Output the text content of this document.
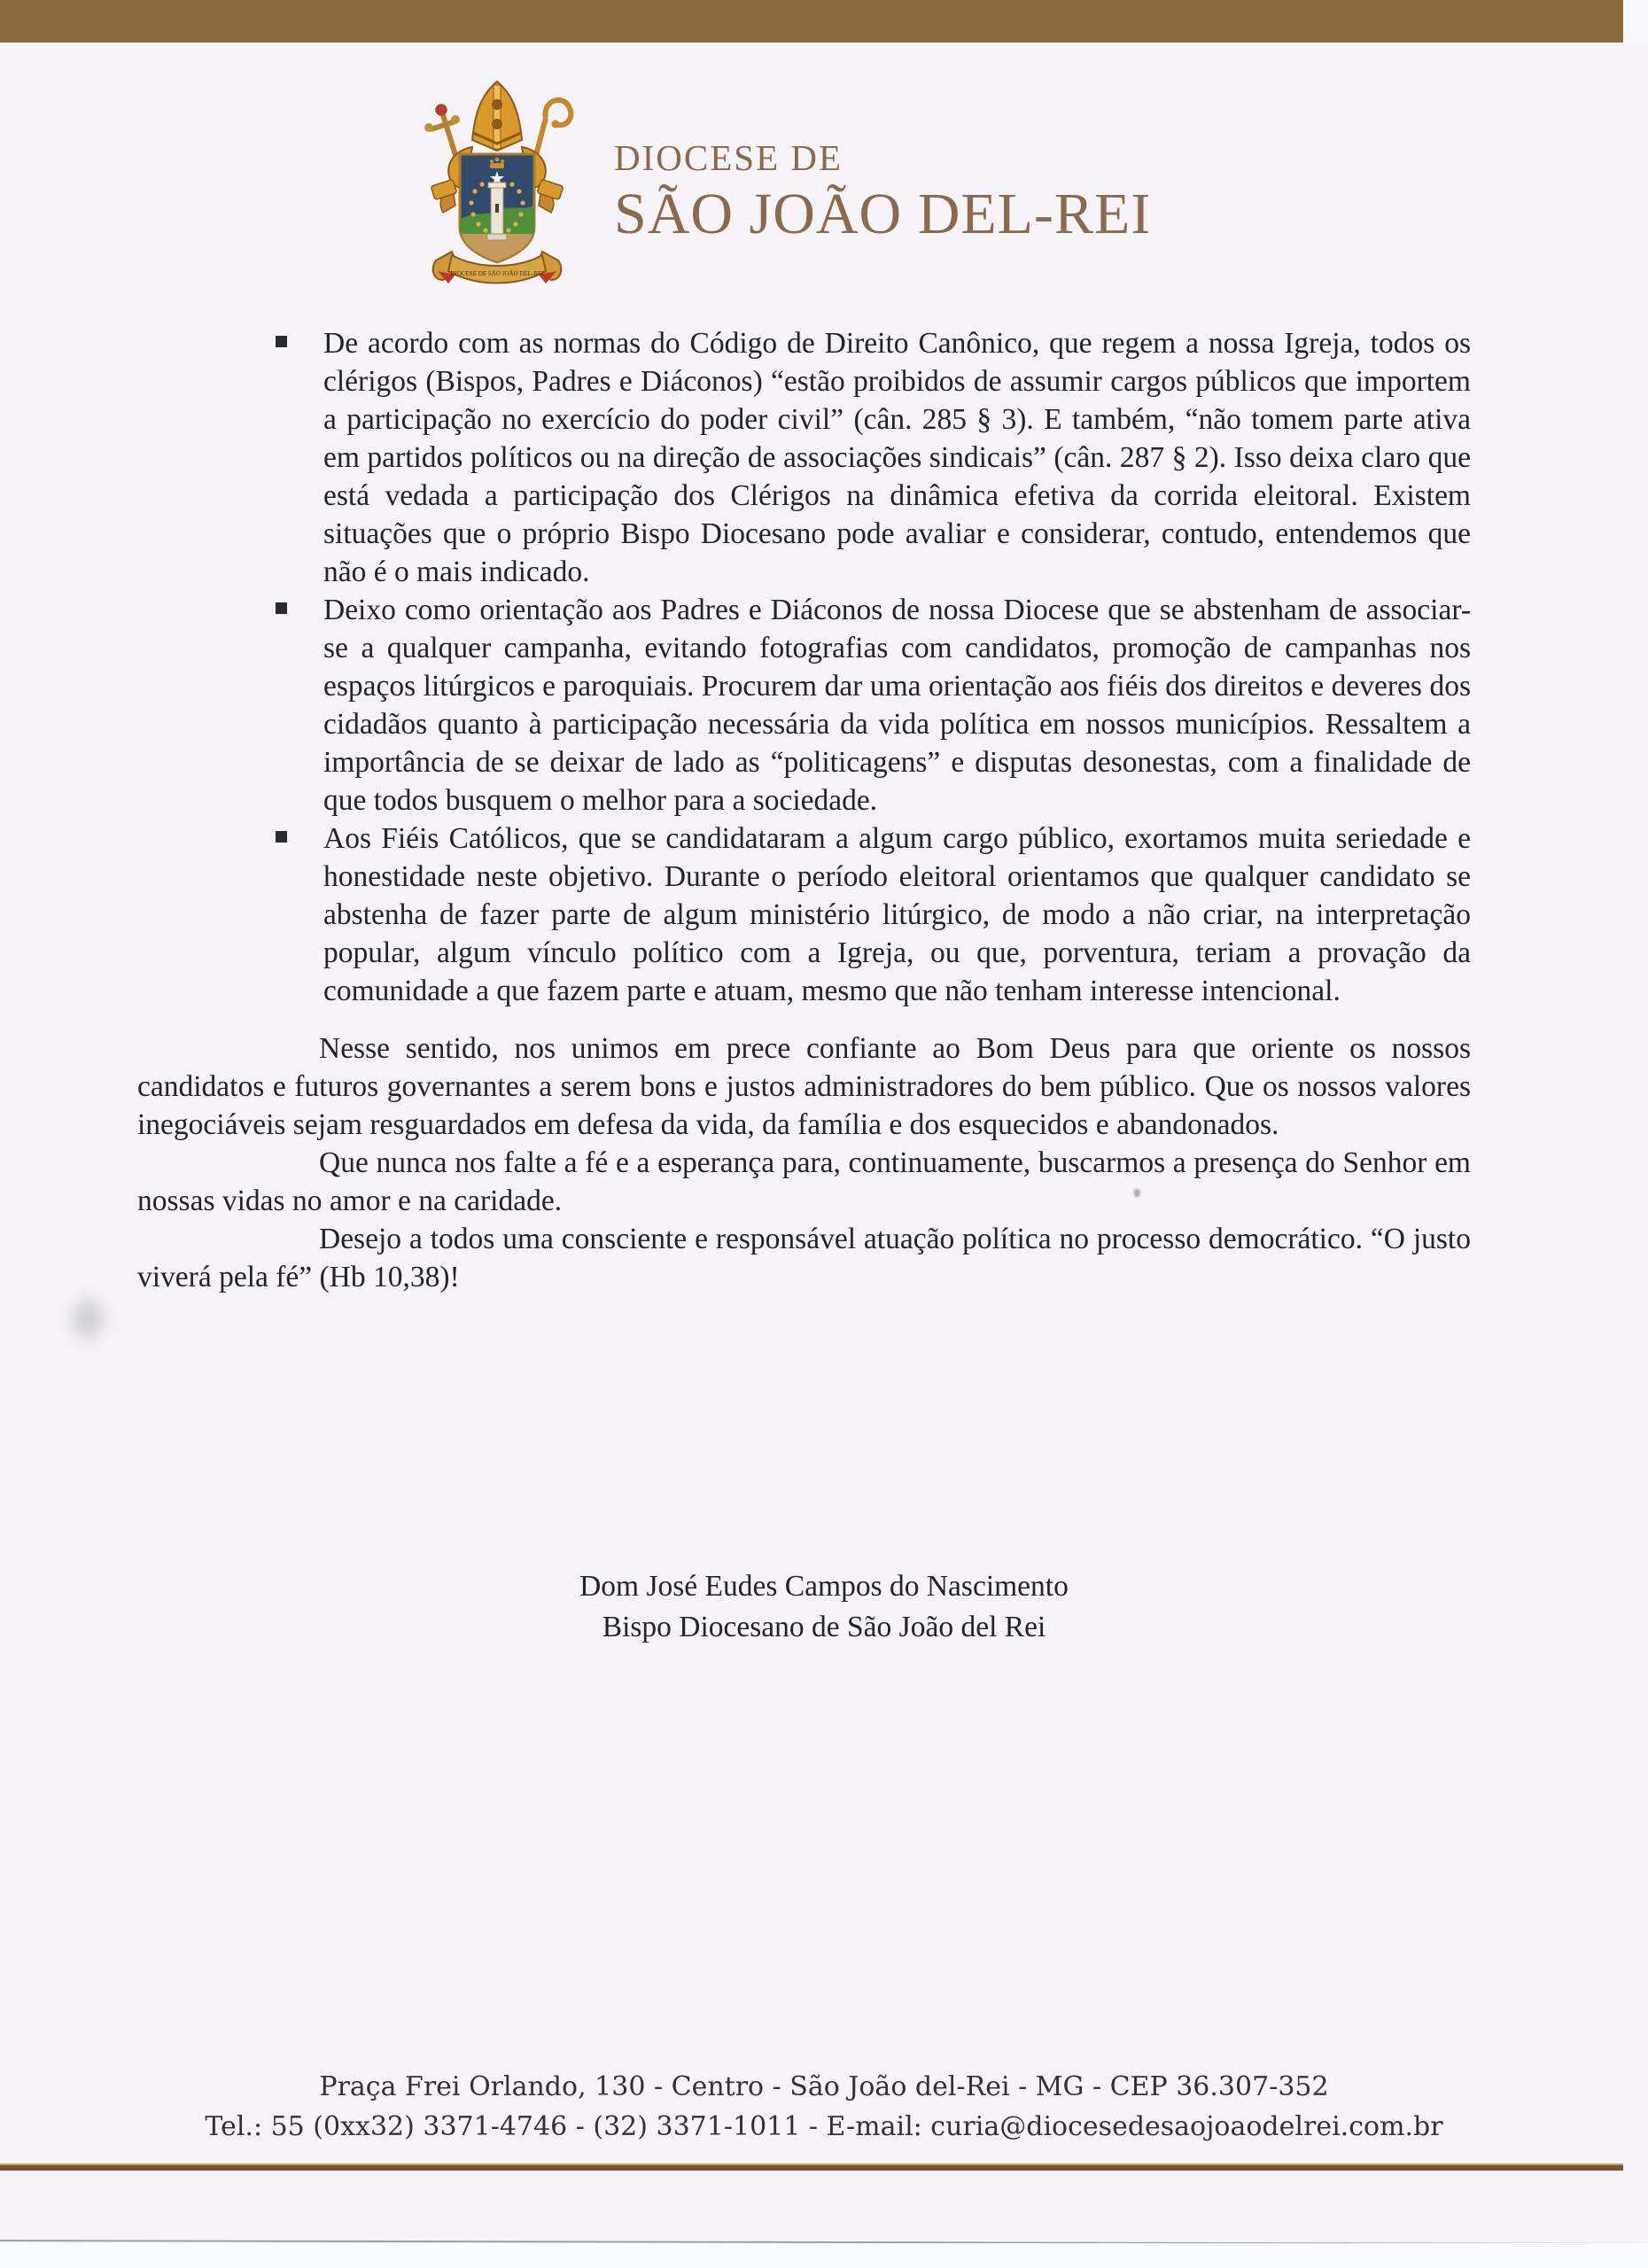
DIOCESE DE SÃO JOÃO DEL-REI
DIOCESE DE
SÃO JOÃO DEL-REI
De acordo com as normas do Código de Direito Canônico, que regem a nossa Igreja, todos os clérigos (Bispos, Padres e Diáconos) “estão proibidos de assumir cargos públicos que importem a participação no exercício do poder civil” (cân. 285 § 3). E também, “não tomem parte ativa em partidos políticos ou na direção de associações sindicais” (cân. 287 § 2). Isso deixa claro que está vedada a participação dos Clérigos na dinâmica efetiva da corrida eleitoral. Existem situações que o próprio Bispo Diocesano pode avaliar e considerar, contudo, entendemos que não é o mais indicado.
Deixo como orientação aos Padres e Diáconos de nossa Diocese que se abstenham de associar-se a qualquer campanha, evitando fotografias com candidatos, promoção de campanhas nos espaços litúrgicos e paroquiais. Procurem dar uma orientação aos fiéis dos direitos e deveres dos cidadãos quanto à participação necessária da vida política em nossos municípios. Ressaltem a importância de se deixar de lado as “politicagens” e disputas desonestas, com a finalidade de que todos busquem o melhor para a sociedade.
Aos Fiéis Católicos, que se candidataram a algum cargo público, exortamos muita seriedade e honestidade neste objetivo. Durante o período eleitoral orientamos que qualquer candidato se abstenha de fazer parte de algum ministério litúrgico, de modo a não criar, na interpretação popular, algum vínculo político com a Igreja, ou que, porventura, teriam a provação da comunidade a que fazem parte e atuam, mesmo que não tenham interesse intencional.

Nesse sentido, nos unimos em prece confiante ao Bom Deus para que oriente os nossos candidatos e futuros governantes a serem bons e justos administradores do bem público. Que os nossos valores inegociáveis sejam resguardados em defesa da vida, da família e dos esquecidos e abandonados.

Que nunca nos falte a fé e a esperança para, continuamente, buscarmos a presença do Senhor em nossas vidas no amor e na caridade.

Desejo a todos uma consciente e responsável atuação política no processo democrático. “O justo viverá pela fé” (Hb 10,38)!

Dom José Eudes Campos do Nascimento
Bispo Diocesano de São João del Rei
Praça Frei Orlando, 130 - Centro - São João del-Rei - MG - CEP 36.307-352
Tel.: 55 (0xx32) 3371-4746 - (32) 3371-1011 - E-mail: curia@diocesedesaojoaodelrei.com.br
